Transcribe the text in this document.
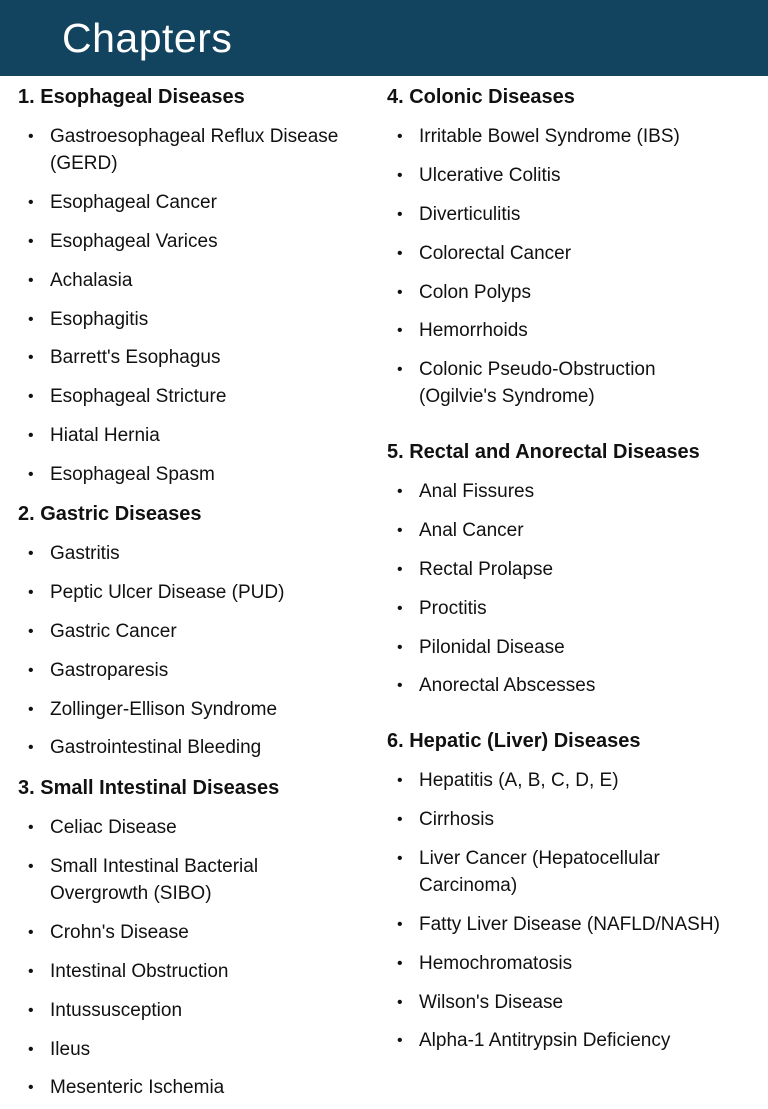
Chapters
1. Esophageal Diseases
• Gastroesophageal Reflux Disease (GERD)
• Esophageal Cancer
• Esophageal Varices
• Achalasia
• Esophagitis
• Barrett's Esophagus
• Esophageal Stricture
• Hiatal Hernia
• Esophageal Spasm
2. Gastric Diseases
• Gastritis
• Peptic Ulcer Disease (PUD)
• Gastric Cancer
• Gastroparesis
• Zollinger-Ellison Syndrome
• Gastrointestinal Bleeding
3. Small Intestinal Diseases
• Celiac Disease
• Small Intestinal Bacterial Overgrowth (SIBO)
• Crohn's Disease
• Intestinal Obstruction
• Intussusception
• Ileus
• Mesenteric Ischemia
4. Colonic Diseases
• Irritable Bowel Syndrome (IBS)
• Ulcerative Colitis
• Diverticulitis
• Colorectal Cancer
• Colon Polyps
• Hemorrhoids
• Colonic Pseudo-Obstruction (Ogilvie's Syndrome)
5. Rectal and Anorectal Diseases
• Anal Fissures
• Anal Cancer
• Rectal Prolapse
• Proctitis
• Pilonidal Disease
• Anorectal Abscesses
6. Hepatic (Liver) Diseases
• Hepatitis (A, B, C, D, E)
• Cirrhosis
• Liver Cancer (Hepatocellular Carcinoma)
• Fatty Liver Disease (NAFLD/NASH)
• Hemochromatosis
• Wilson's Disease
• Alpha-1 Antitrypsin Deficiency
